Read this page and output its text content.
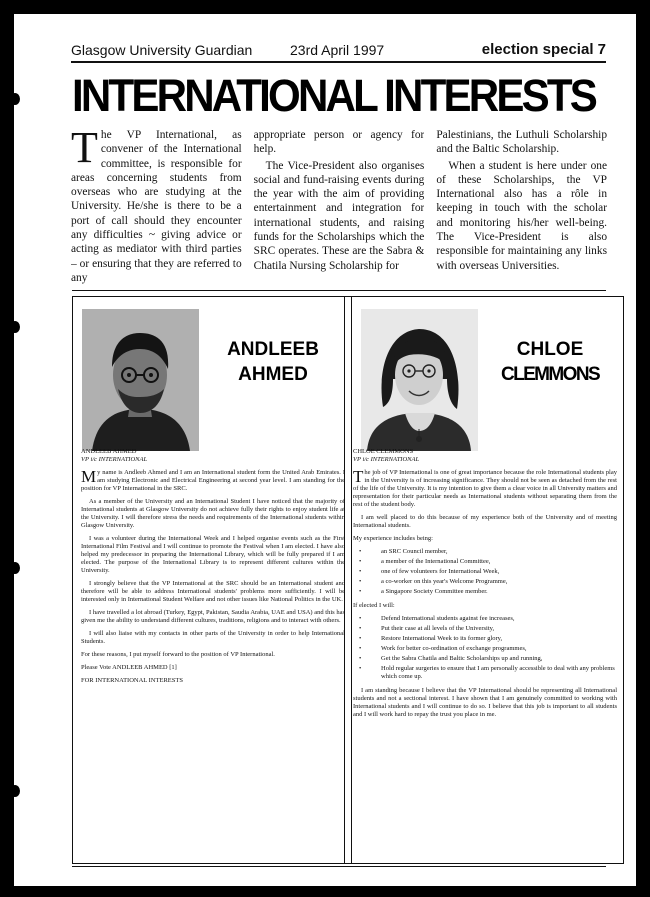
Glasgow University Guardian	23rd April 1997	election special 7
INTERNATIONAL INTERESTS

The VP International, as convener of the International committee, is responsible for areas concerning students from overseas who are studying at the University. He/she is there to be a port of call should they encounter any difficulties ~ giving advice or acting as mediator with third parties – or ensuring that they are referred to any

appropriate person or agency for help.

The Vice-President also organises social and fund-raising events during the year with the aim of providing entertainment and integration for international students, and raising funds for the Scholarships which the SRC operates. These are the Sabra & Chatila Nursing Scholarship for

Palestinians, the Luthuli Scholarship and the Baltic Scholarship.

When a student is here under one of these Scholarships, the VP International also has a rôle in keeping in touch with the scholar and monitoring his/her well-being. The Vice-President is also responsible for maintaining any links with overseas Universities.

ANDLEEB
AHMED

ANDLEEB AHMED

VP i/c INTERNATIONAL

My name is Andleeb Ahmed and I am an International student form the United Arab Emirates. I am studying Electronic and Electrical Engineering at second year level. I am standing for the position for VP International in the SRC.

As a member of the University and an International Student I have noticed that the majority of International students at Glasgow University do not achieve fully their rights to enjoy student life at the University. I will therefore stress the needs and requirements of the International students within Glasgow University.

I was a volunteer during the International Week and I helped organise events such as the First International Film Festival and I will continue to promote the Festival when I am elected. I have also helped my predecessor in preparing the International Library, which will be fully prepared if I am elected. The purpose of the International Library is to represent different cultures within the University.

I strongly believe that the VP International at the SRC should be an International student and therefore will be able to address International students' problems more sufficiently. I will be interested only in International Student Welfare and not other issues like National Politics in the UK.

I have travelled a lot abroad (Turkey, Egypt, Pakistan, Saudia Arabia, UAE and USA) and this has given me the ability to understand different cultures, traditions, religions and to interact with others.

I will also liaise with my contacts in other parts of the University in order to help International Students.

For these reasons, I put myself forward to the position of VP International.

Please Vote ANDLEEB AHMED [1]

FOR INTERNATIONAL INTERESTS

CHLOE
CLEMMONS

CHLOE CLEMMONS

VP i/c INTERNATIONAL

The job of VP International is one of great importance because the role International students play in the University is of increasing significance. They should not be seen as detached from the rest of the life of the University. It is my intention to give them a clear voice in all University matters and representation for their particular needs as International students without separating them from the rest of the student body.

I am well placed to do this because of my experience both of the University and of meeting International students.

My experience includes being:

• an SRC Council member,
• a member of the International Committee,
• one of few volunteers for International Week,
• a co-worker on this year's Welcome Programme,
• a Singapore Society Committee member.

If elected I will:

• Defend International students against fee increases,
• Put their case at all levels of the University,
• Restore International Week to its former glory,
• Work for better co-ordination of exchange programmes,
• Get the Sabra Chatila and Baltic Scholarships up and running,
• Hold regular surgeries to ensure that I am personally accessible to deal with any problems which come up.

I am standing because I believe that the VP International should be representing all International students and not a sectional interest. I have shown that I am genuinely committed to working with International students and I will continue to do so. I believe that this job is important to all students and I will work hard to repay the trust you place in me.
